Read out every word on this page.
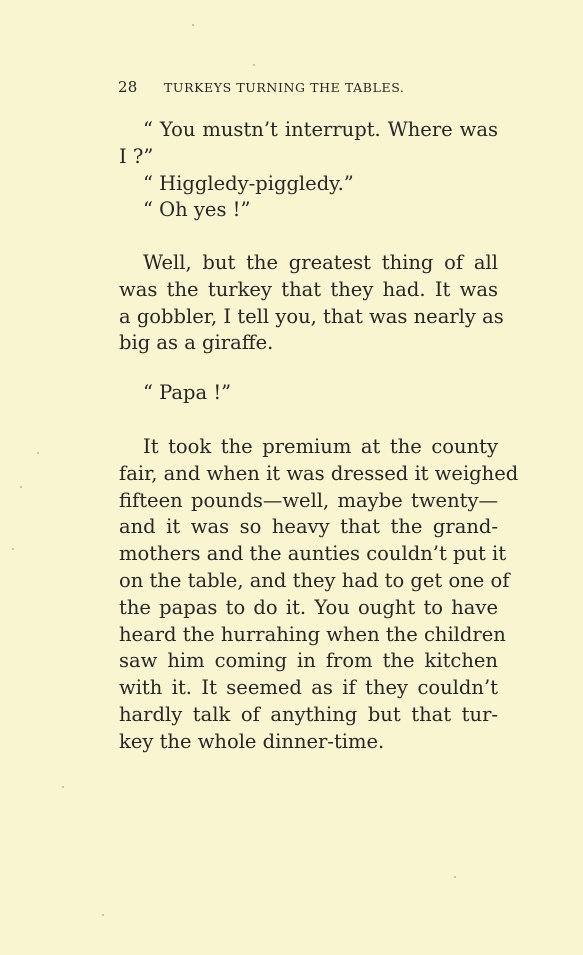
28 TURKEYS TURNING THE TABLES.
“ You mustn’t interrupt. Where was
I ?”
“ Higgledy-piggledy.”
“ Oh yes !”
Well, but the greatest thing of all
was the turkey that they had. It was
a gobbler, I tell you, that was nearly as
big as a giraffe.
“ Papa !”
It took the premium at the county
fair, and when it was dressed it weighed
fifteen pounds—well, maybe twenty—
and it was so heavy that the grand-
mothers and the aunties couldn’t put it
on the table, and they had to get one of
the papas to do it. You ought to have
heard the hurrahing when the children
saw him coming in from the kitchen
with it. It seemed as if they couldn’t
hardly talk of anything but that tur-
key the whole dinner-time.
